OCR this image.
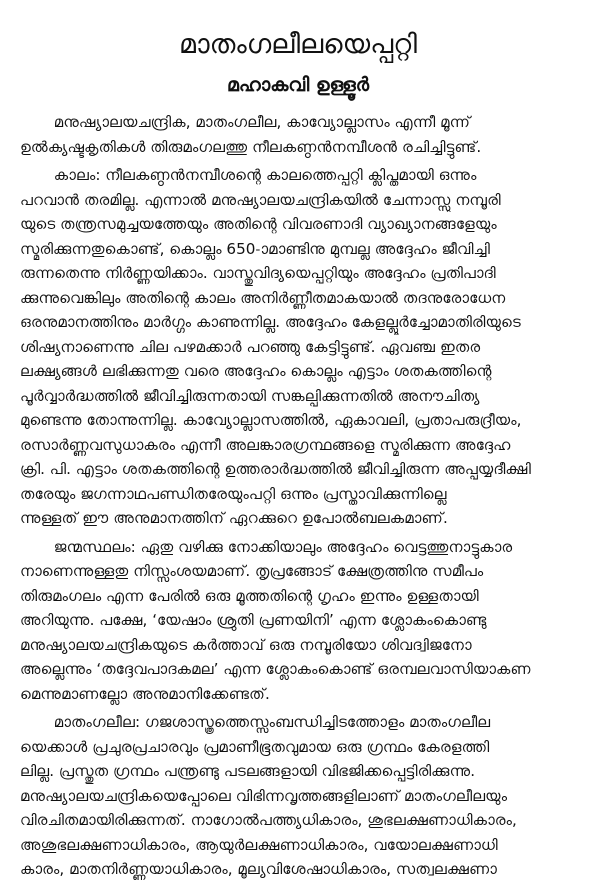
മാതംഗലീലയെപ്പറ്റി
മഹാകവി ഉള്ളൂർ
മനുഷ്യാലയചന്ദ്രിക, മാതംഗലീല, കാവ്യോല്ലാസം എന്നീ മൂന്ന്
ഉൽക്യഷ്ടകൃതികൾ തിരുമംഗലത്തു നീലകണ്ഠൻനമ്പീശൻ രചിച്ചിട്ടുണ്ട്.
കാലം: നീലകണ്ഠൻനമ്പീശന്റെ കാലത്തെപ്പറ്റി ക്ലിപ്തമായി ഒന്നും
പറവാൻ തരമില്ല. എന്നാൽ മനുഷ്യാലയചന്ദ്രികയിൽ ചേന്നാസ്സു നമ്പൂരി
യുടെ തന്ത്രസമുച്ചയത്തേയും അതിന്റെ വിവരണാദി വ്യാഖ്യാനങ്ങളേയും
സ്മരിക്കുന്നതുകൊണ്ട്, കൊല്ലം 650-ാമാണ്ടിനു മുമ്പല്ല അദ്ദേഹം ജീവിച്ചി
രുന്നതെന്നു നിർണ്ണയിക്കാം. വാസ്തുവിദ്യയെപ്പറ്റിയും അദ്ദേഹം പ്രതിപാദി
ക്കുന്നുവെങ്കിലും അതിന്റെ കാലം അനിർണ്ണീതമാകയാൽ തദനുരോധേന
ഒരനുമാനത്തിനും മാർഗ്ഗം കാണുന്നില്ല. അദ്ദേഹം കേളല്ലൂർച്ചോമാതിരിയുടെ
ശിഷ്യനാണെന്നു ചില പഴമക്കാർ പറഞ്ഞു കേട്ടിട്ടുണ്ട്. ഏവഞ്ച ഇതര
ലക്ഷ്യങ്ങൾ ലഭിക്കുന്നതു വരെ അദ്ദേഹം കൊല്ലം എട്ടാം ശതകത്തിന്റെ
പൂർവ്വാർദ്ധത്തിൽ ജീവിച്ചിരുന്നതായി സങ്കല്പിക്കുന്നതിൽ അനൗചിത്യ
മുണ്ടെന്നു തോന്നുന്നില്ല. കാവ്യോല്ലാസത്തിൽ, ഏകാവലി, പ്രതാപരുദ്രീയം,
രസാർണ്ണവസുധാകരം എന്നീ അലങ്കാരഗ്രന്ഥങ്ങളെ സ്മരിക്കുന്ന അദ്ദേഹ
ക്രി. പി. എട്ടാം ശതകത്തിന്റെ ഉത്തരാർദ്ധത്തിൽ ജീവിച്ചിരുന്ന അപ്പയ്യദീക്ഷി
തരേയും ജഗന്നാഥപണ്ഡിതരേയുംപറ്റി ഒന്നും പ്രസ്താവിക്കുന്നില്ലെ
ന്നുള്ളത് ഈ അനുമാനത്തിന് ഏറക്കുറെ ഉപോൽബലകമാണ്.
ജന്മസ്ഥലം: ഏതു വഴിക്കു നോക്കിയാലും അദ്ദേഹം വെട്ടത്തുനാട്ടുകാര
നാണെന്നുള്ളതു നിസ്സംശയമാണ്. തൃപ്രങ്ങോട് ക്ഷേത്രത്തിനു സമീപം
തിരുമംഗലം എന്ന പേരിൽ ഒരു മൂത്തതിന്റെ ഗൃഹം ഇന്നും ഉള്ളതായി
അറിയുന്നു. പക്ഷേ, ‘യേഷാം ശ്രുതി പ്രണയിനി’ എന്ന ശ്ലോകംകൊണ്ടു
മനുഷ്യാലയചന്ദ്രികയുടെ കർത്താവ് ഒരു നമ്പൂരിയോ ശിവദ്വിജനോ
അല്ലെന്നും ‘തദ്ദേവപാദകമല’ എന്ന ശ്ലോകംകൊണ്ട് ഒരമ്പലവാസിയാകണ
മെന്നുമാണല്ലോ അനുമാനിക്കേണ്ടത്.
മാതംഗലീല: ഗജശാസ്ത്രത്തെസ്സംബന്ധിച്ചിടത്തോളം മാതംഗലീല
യെക്കാൾ പ്രചുരപ്രചാരവും പ്രമാണീഭൂതവുമായ ഒരു ഗ്രന്ഥം കേരളത്തി
ലില്ല. പ്രസ്തുത ഗ്രന്ഥം പന്ത്രണ്ടു പടലങ്ങളായി വിഭജിക്കപ്പെട്ടിരിക്കുന്നു.
മനുഷ്യാലയചന്ദ്രികയെപ്പോലെ വിഭിന്നവൃത്തങ്ങളിലാണ് മാതംഗലീലയും
വിരചിതമായിരിക്കുന്നത്. നാഗോൽപത്ത്യധികാരം, ശുഭലക്ഷണാധികാരം,
അശുഭലക്ഷണാധികാരം, ആയുർലക്ഷണാധികാരം, വയോലക്ഷണാധി
കാരം, മാതനിർണ്ണയാധികാരം, മൂല്യവിശേഷാധികാരം, സത്വലക്ഷണാ
